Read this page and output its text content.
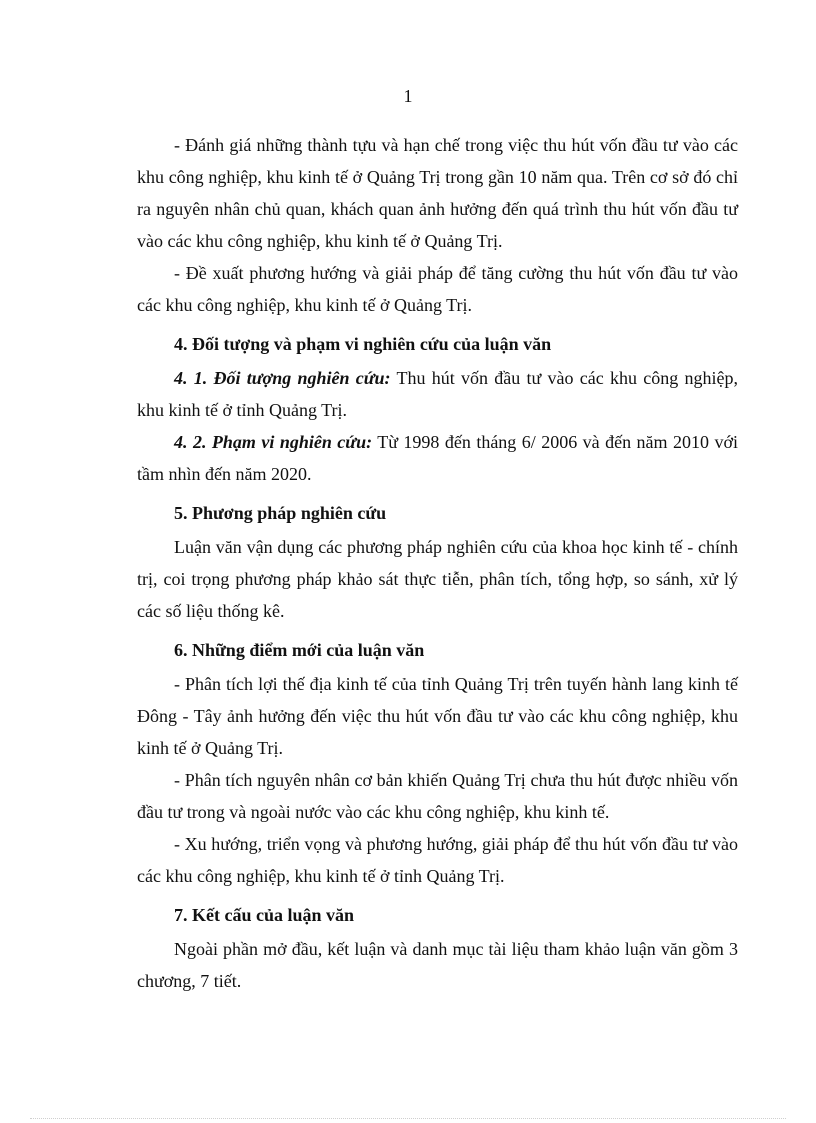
1

- Đánh giá những thành tựu và hạn chế trong việc thu hút vốn đầu tư vào các khu công nghiệp, khu kinh tế ở Quảng Trị trong gần 10 năm qua. Trên cơ sở đó chỉ ra nguyên nhân chủ quan, khách quan ảnh hưởng đến quá trình thu hút vốn đầu tư vào các khu công nghiệp, khu kinh tế ở Quảng Trị.

- Đề xuất phương hướng và giải pháp để tăng cường thu hút vốn đầu tư vào các khu công nghiệp, khu kinh tế ở Quảng Trị.

4. Đối tượng và phạm vi nghiên cứu của luận văn

4. 1. Đối tượng nghiên cứu: Thu hút vốn đầu tư vào các khu công nghiệp, khu kinh tế ở tỉnh Quảng Trị.

4. 2. Phạm vi nghiên cứu: Từ 1998 đến tháng 6/ 2006 và đến năm 2010 với tầm nhìn đến năm 2020.

5. Phương pháp nghiên cứu

Luận văn vận dụng các phương pháp nghiên cứu của khoa học kinh tế - chính trị, coi trọng phương pháp khảo sát thực tiễn, phân tích, tổng hợp, so sánh, xử lý các số liệu thống kê.

6. Những điểm mới của luận văn

- Phân tích lợi thế địa kinh tế của tỉnh Quảng Trị trên tuyến hành lang kinh tế Đông - Tây ảnh hưởng đến việc thu hút vốn đầu tư vào các khu công nghiệp, khu kinh tế ở Quảng Trị.

- Phân tích nguyên nhân cơ bản khiến Quảng Trị chưa thu hút được nhiều vốn đầu tư trong và ngoài nước vào các khu công nghiệp, khu kinh tế.

- Xu hướng, triển vọng và phương hướng, giải pháp để thu hút vốn đầu tư vào các khu công nghiệp, khu kinh tế ở tỉnh Quảng Trị.

7. Kết cấu của luận văn

Ngoài phần mở đầu, kết luận và danh mục tài liệu tham khảo luận văn gồm 3 chương, 7 tiết.
